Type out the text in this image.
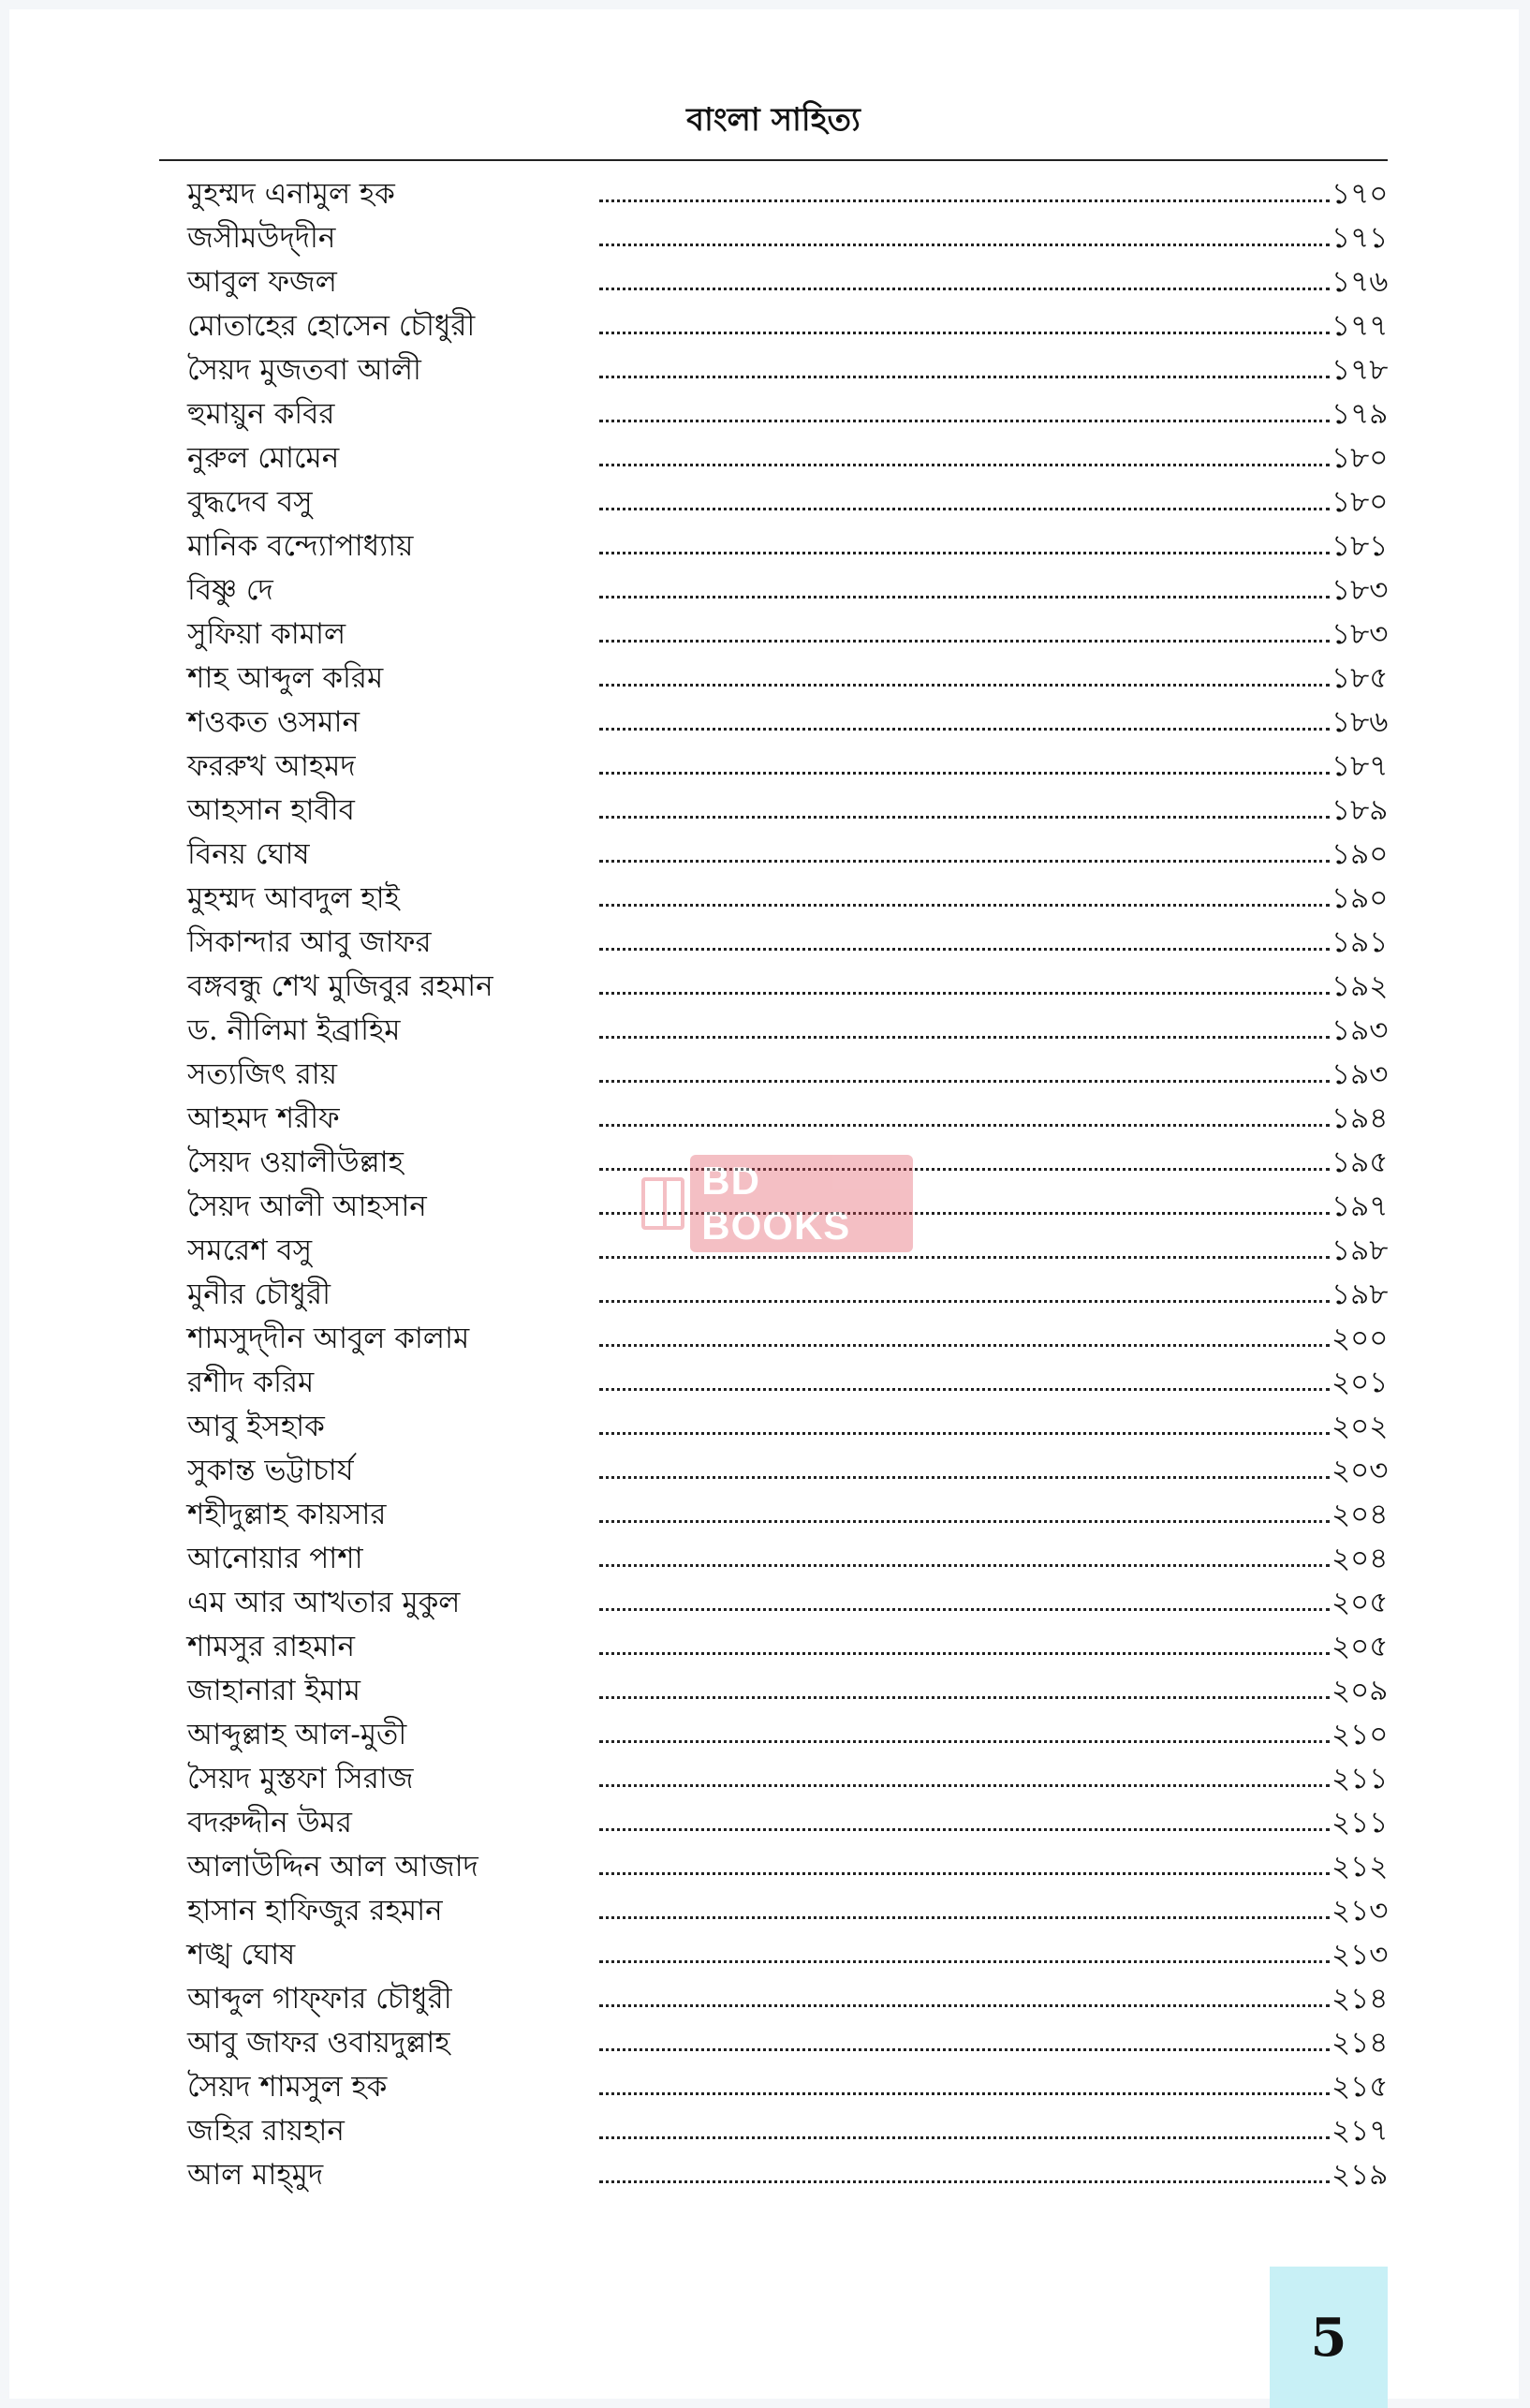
বাংলা সাহিত্য
মুহম্মদ এনামুল হক	১৭০
জসীমউদ্‌দীন	১৭১
আবুল ফজল	১৭৬
মোতাহের হোসেন চৌধুরী	১৭৭
সৈয়দ মুজতবা আলী	১৭৮
হুমায়ুন কবির	১৭৯
নুরুল মোমেন	১৮০
বুদ্ধদেব বসু	১৮০
মানিক বন্দ্যোপাধ্যায়	১৮১
বিষ্ণু দে	১৮৩
সুফিয়া কামাল	১৮৩
শাহ আব্দুল করিম	১৮৫
শওকত ওসমান	১৮৬
ফররুখ আহমদ	১৮৭
আহসান হাবীব	১৮৯
বিনয় ঘোষ	১৯০
মুহম্মদ আবদুল হাই	১৯০
সিকান্দার আবু জাফর	১৯১
বঙ্গবন্ধু শেখ মুজিবুর রহমান	১৯২
ড. নীলিমা ইব্রাহিম	১৯৩
সত্যজিৎ রায়	১৯৩
আহমদ শরীফ	১৯৪
সৈয়দ ওয়ালীউল্লাহ	১৯৫
সৈয়দ আলী আহসান	১৯৭
সমরেশ বসু	১৯৮
মুনীর চৌধুরী	১৯৮
শামসুদ্‌দীন আবুল কালাম	২০০
রশীদ করিম	২০১
আবু ইসহাক	২০২
সুকান্ত ভট্টাচার্য	২০৩
শহীদুল্লাহ কায়সার	২০৪
আনোয়ার পাশা	২০৪
এম আর আখতার মুকুল	২০৫
শামসুর রাহমান	২০৫
জাহানারা ইমাম	২০৯
আব্দুল্লাহ আল-মুতী	২১০
সৈয়দ মুস্তফা সিরাজ	২১১
বদরুদ্দীন উমর	২১১
আলাউদ্দিন আল আজাদ	২১২
হাসান হাফিজুর রহমান	২১৩
শঙ্খ ঘোষ	২১৩
আব্দুল গাফ্‌ফার চৌধুরী	২১৪
আবু জাফর ওবায়দুল্লাহ	২১৪
সৈয়দ শামসুল হক	২১৫
জহির রায়হান	২১৭
আল মাহ্‌মুদ	২১৯
BD BOOKS
5
